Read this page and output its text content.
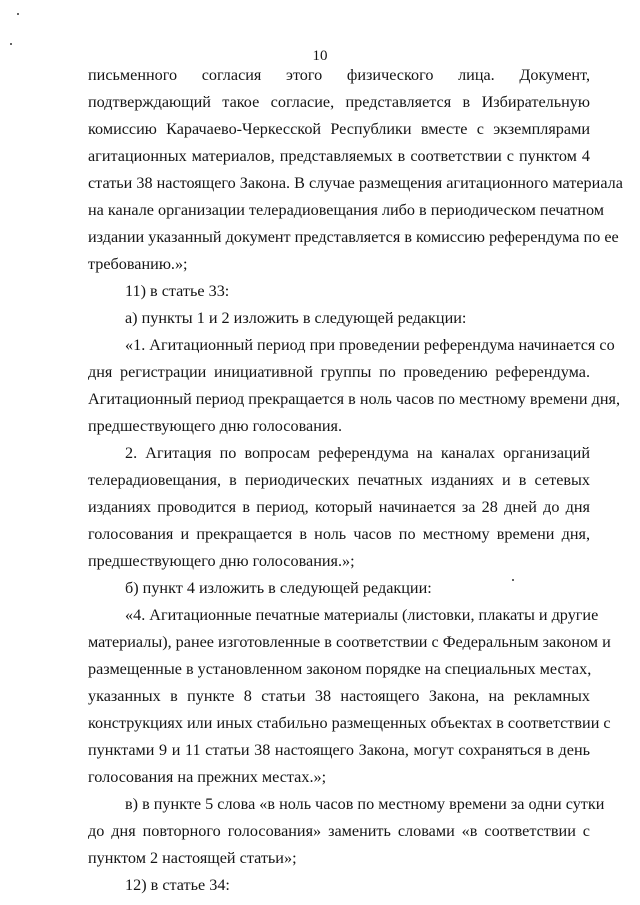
10
письменного согласия этого физического лица. Документ,
подтверждающий такое согласие, представляется в Избирательную
комиссию Карачаево-Черкесской Республики вместе с экземплярами
агитационных материалов, представляемых в соответствии с пунктом 4
статьи 38 настоящего Закона. В случае размещения агитационного материала
на канале организации телерадиовещания либо в периодическом печатном
издании указанный документ представляется в комиссию референдума по ее
требованию.»;
11) в статье 33:
а) пункты 1 и 2 изложить в следующей редакции:
«1. Агитационный период при проведении референдума начинается со
дня регистрации инициативной группы по проведению референдума.
Агитационный период прекращается в ноль часов по местному времени дня,
предшествующего дню голосования.
2. Агитация по вопросам референдума на каналах организаций
телерадиовещания, в периодических печатных изданиях и в сетевых
изданиях проводится в период, который начинается за 28 дней до дня
голосования и прекращается в ноль часов по местному времени дня,
предшествующего дню голосования.»;
б) пункт 4 изложить в следующей редакции:
«4. Агитационные печатные материалы (листовки, плакаты и другие
материалы), ранее изготовленные в соответствии с Федеральным законом и
размещенные в установленном законом порядке на специальных местах,
указанных в пункте 8 статьи 38 настоящего Закона, на рекламных
конструкциях или иных стабильно размещенных объектах в соответствии с
пунктами 9 и 11 статьи 38 настоящего Закона, могут сохраняться в день
голосования на прежних местах.»;
в) в пункте 5 слова «в ноль часов по местному времени за одни сутки
до дня повторного голосования» заменить словами «в соответствии с
пунктом 2 настоящей статьи»;
12) в статье 34:
